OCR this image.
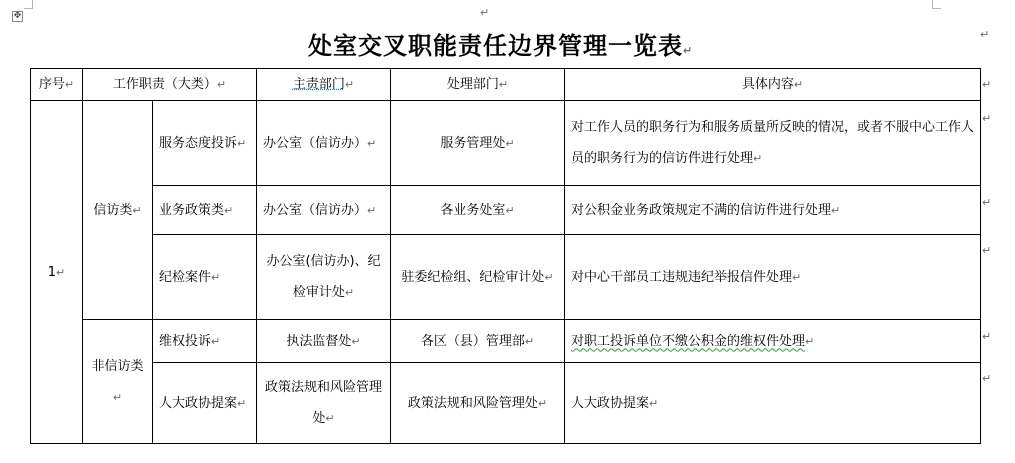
✥	↵
处室交叉职能责任边界管理一览表↵
↵
序号↵	工作职责（大类）↵		主责部门↵	处理部门↵	具体内容↵
1↵	信访类↵	服务态度投诉↵	办公室（信访办）↵	服务管理处↵	对工作人员的职务行为和服务质量所反映的情况，或者不服中心工作人员的职务行为的信访件进行处理↵
		业务政策类↵	办公室（信访办）↵	各业务处室↵	对公积金业务政策规定不满的信访件进行处理↵
		纪检案件↵	办公室(信访办)、纪检审计处↵	驻委纪检组、纪检审计处↵	对中心干部员工违规违纪举报信件处理↵
	非信访类↵	维权投诉↵	执法监督处↵	各区（县）管理部↵	对职工投诉单位不缴公积金的维权件处理↵
		人大政协提案↵	政策法规和风险管理处↵	政策法规和风险管理处↵	人大政协提案↵
↵
↵
↵
↵
↵
↵
